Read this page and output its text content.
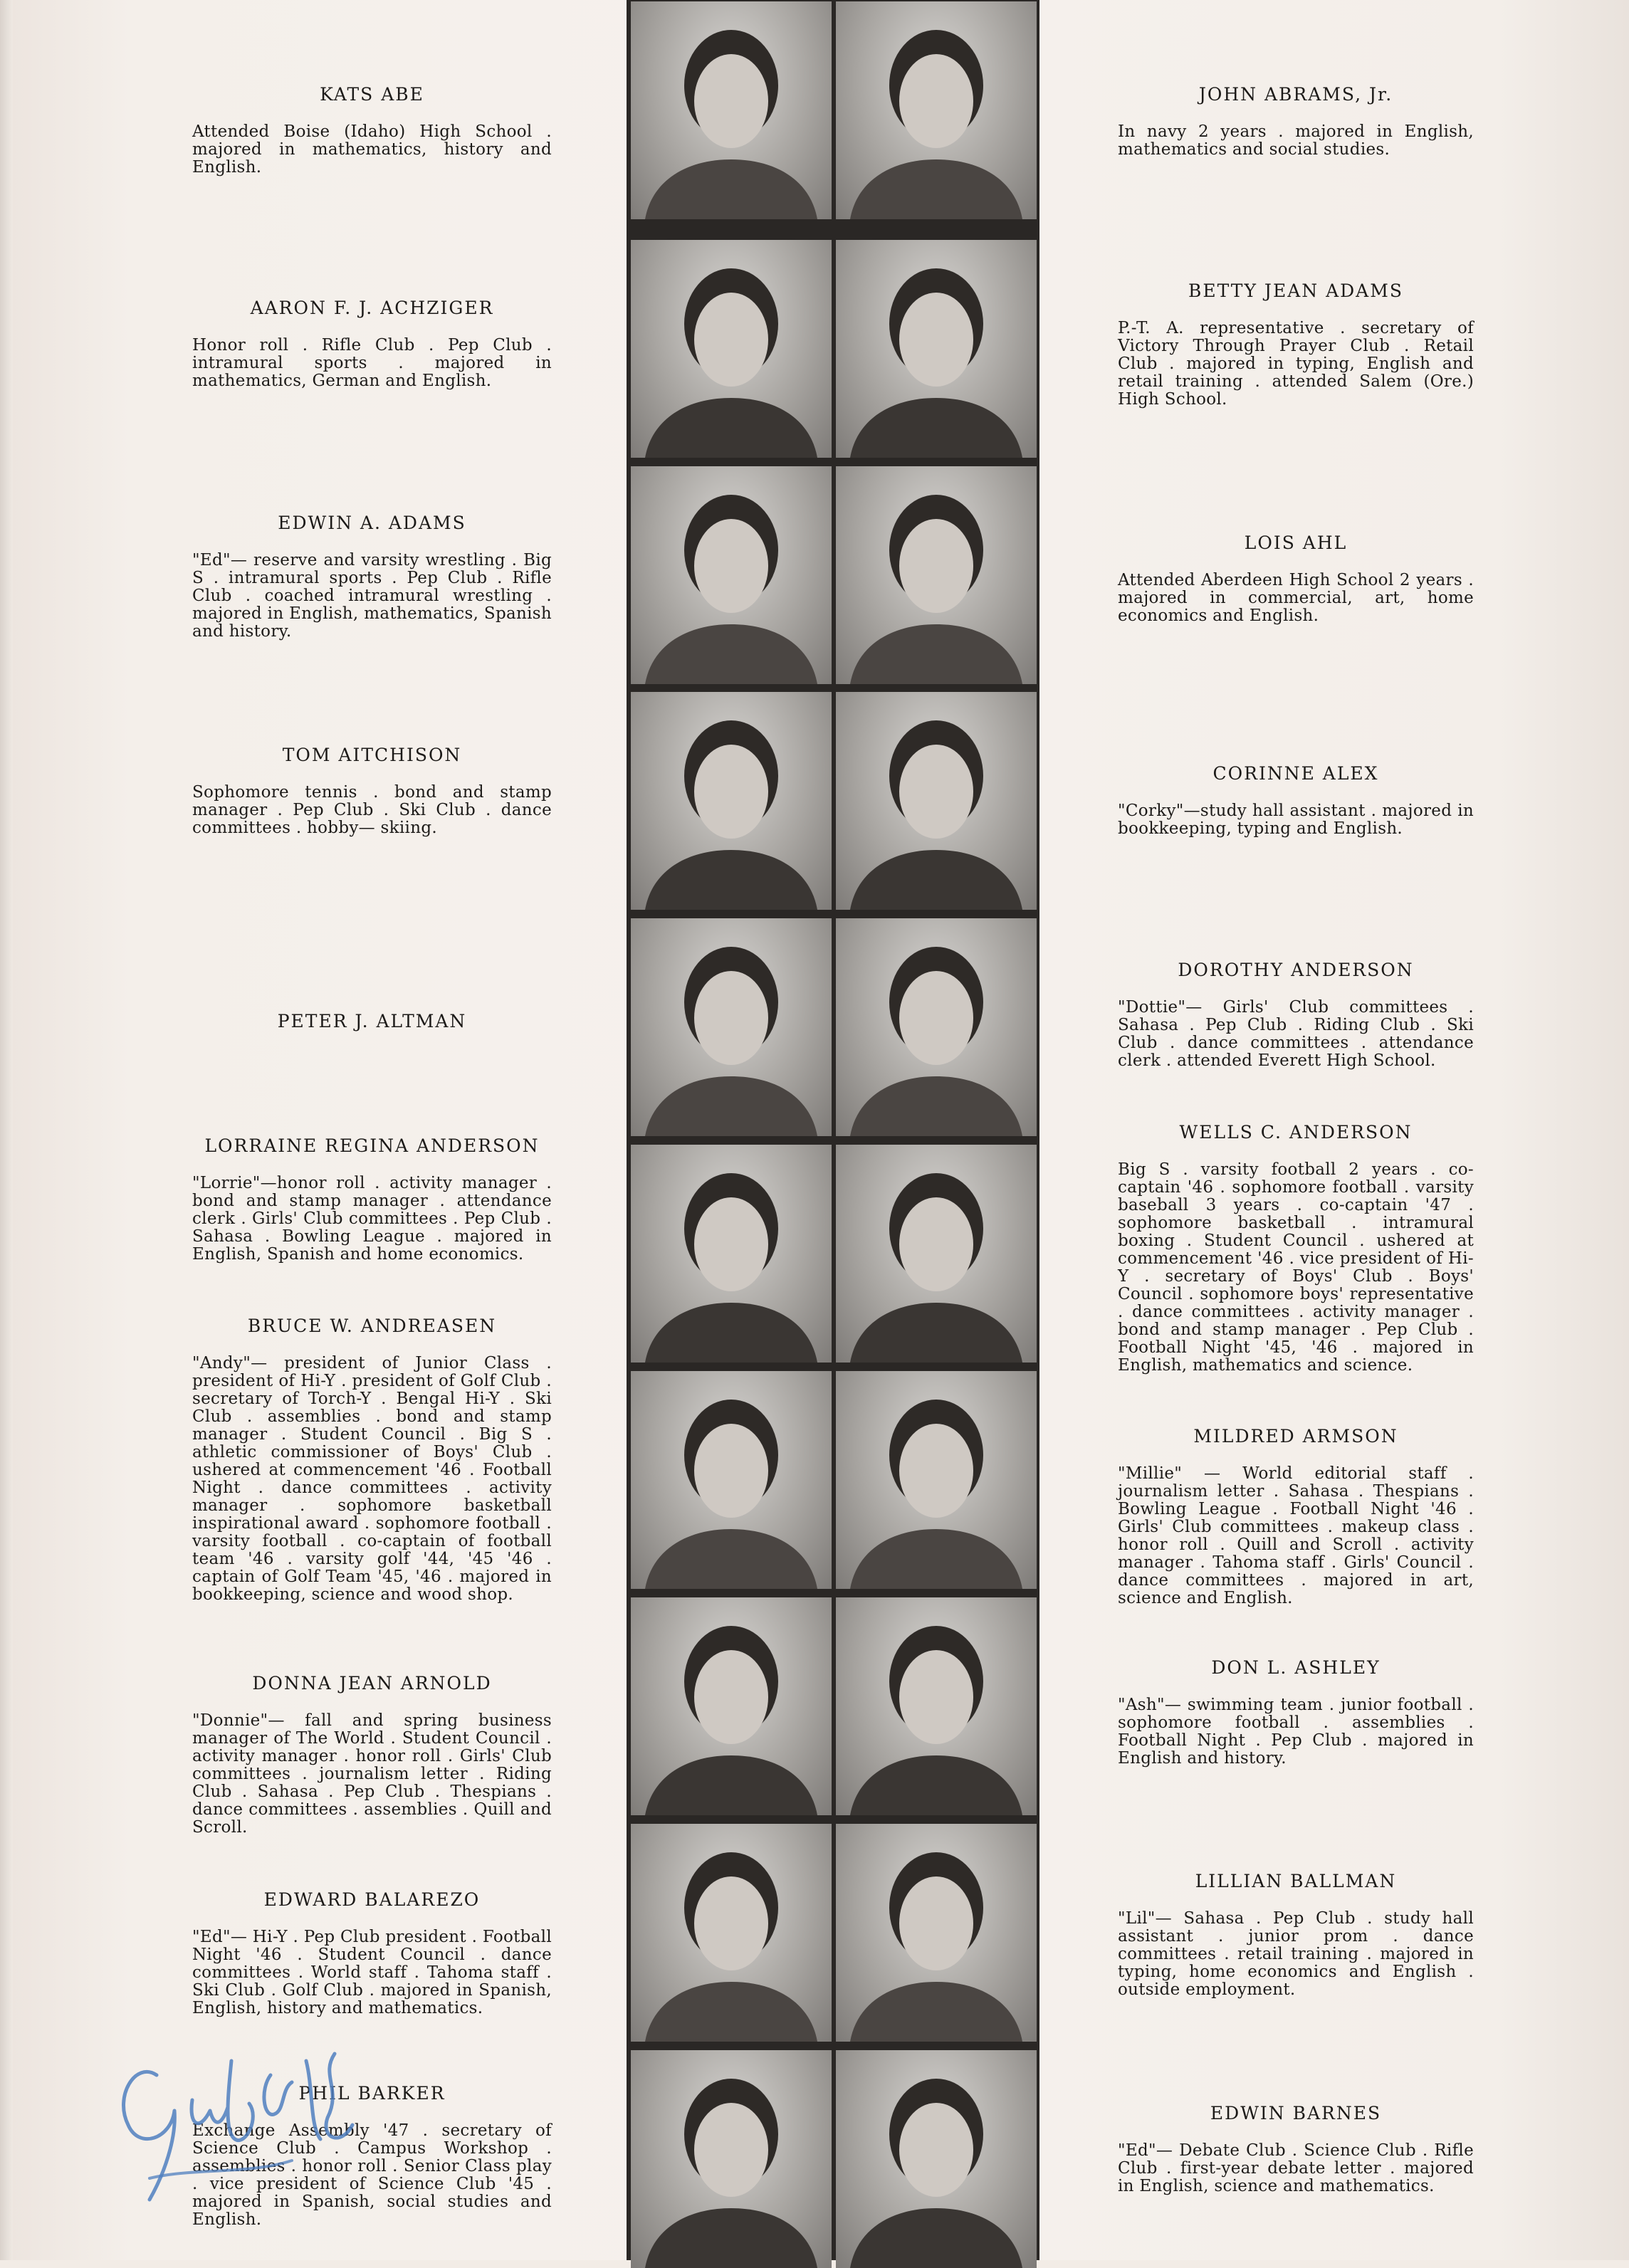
KATS ABE
Attended Boise (Idaho) High School . majored in mathematics, history and English.
AARON F. J. ACHZIGER
Honor roll . Rifle Club . Pep Club . intramural sports . majored in mathematics, German and English.
EDWIN A. ADAMS
"Ed"— reserve and varsity wrestling . Big S . intramural sports . Pep Club . Rifle Club . coached intramural wrestling . majored in English, mathematics, Spanish and history.
TOM AITCHISON
Sophomore tennis . bond and stamp manager . Pep Club . Ski Club . dance committees . hobby— skiing.
PETER J. ALTMAN
LORRAINE REGINA ANDERSON
"Lorrie"—honor roll . activity manager . bond and stamp manager . attendance clerk . Girls' Club committees . Pep Club . Sahasa . Bowling League . majored in English, Spanish and home economics.
BRUCE W. ANDREASEN
"Andy"— president of Junior Class . president of Hi-Y . president of Golf Club . secretary of Torch-Y . Bengal Hi-Y . Ski Club . assemblies . bond and stamp manager . Student Council . Big S . athletic commissioner of Boys' Club . ushered at commencement '46 . Football Night . dance committees . activity manager . sophomore basketball inspirational award . sophomore football . varsity football . co-captain of football team '46 . varsity golf '44, '45 '46 . captain of Golf Team '45, '46 . majored in bookkeeping, science and wood shop.
DONNA JEAN ARNOLD
"Donnie"— fall and spring business manager of The World . Student Council . activity manager . honor roll . Girls' Club committees . journalism letter . Riding Club . Sahasa . Pep Club . Thespians . dance committees . assemblies . Quill and Scroll.
EDWARD BALAREZO
"Ed"— Hi-Y . Pep Club president . Football Night '46 . Student Council . dance committees . World staff . Tahoma staff . Ski Club . Golf Club . majored in Spanish, English, history and mathematics.
PHIL BARKER
Exchange Assembly '47 . secretary of Science Club . Campus Workshop . assemblies . honor roll . Senior Class play . vice president of Science Club '45 . majored in Spanish, social studies and English.
JOHN ABRAMS, Jr.
In navy 2 years . majored in English, mathematics and social studies.
BETTY JEAN ADAMS
P.-T. A. representative . secretary of Victory Through Prayer Club . Retail Club . majored in typing, English and retail training . attended Salem (Ore.) High School.
LOIS AHL
Attended Aberdeen High School 2 years . majored in commercial, art, home economics and English.
CORINNE ALEX
"Corky"—study hall assistant . majored in bookkeeping, typing and English.
DOROTHY ANDERSON
"Dottie"— Girls' Club committees . Sahasa . Pep Club . Riding Club . Ski Club . dance committees . attendance clerk . attended Everett High School.
WELLS C. ANDERSON
Big S . varsity football 2 years . co-captain '46 . sophomore football . varsity baseball 3 years . co-captain '47 . sophomore basketball . intramural boxing . Student Council . ushered at commencement '46 . vice president of Hi-Y . secretary of Boys' Club . Boys' Council . sophomore boys' representative . dance committees . activity manager . bond and stamp manager . Pep Club . Football Night '45, '46 . majored in English, mathematics and science.
MILDRED ARMSON
"Millie" — World editorial staff . journalism letter . Sahasa . Thespians . Bowling League . Football Night '46 . Girls' Club committees . makeup class . honor roll . Quill and Scroll . activity manager . Tahoma staff . Girls' Council . dance committees . majored in art, science and English.
DON L. ASHLEY
"Ash"— swimming team . junior football . sophomore football . assemblies . Football Night . Pep Club . majored in English and history.
LILLIAN BALLMAN
"Lil"— Sahasa . Pep Club . study hall assistant . junior prom . dance committees . retail training . majored in typing, home economics and English . outside employment.
EDWIN BARNES
"Ed"— Debate Club . Science Club . Rifle Club . first-year debate letter . majored in English, science and mathematics.
